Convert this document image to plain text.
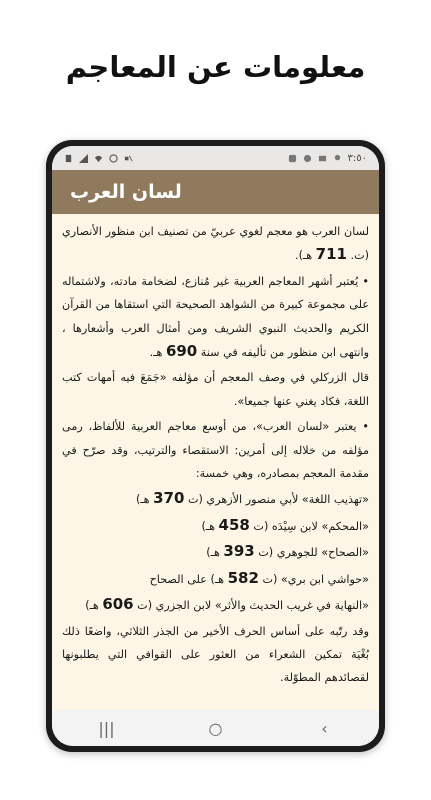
معلومات عن المعاجم
٣:٥٠
لسان العرب

لسان العرب هو معجم لغوي عربيّ من تصنيف ابن منظور الأنصاري (ت. 711 هـ).

• يُعتبر أشهر المعاجم العربية غير مُنازع، لضخامة مادته، ولاشتماله على مجموعة كبيرة من الشواهد الصحيحة التي استقاها من القرآن الكريم والحديث النبوي الشريف ومن أمثال العرب وأشعارها ، وانتهى ابن منظور من تأليفه في سنة 690 هـ.

قال الزركلي في وصف المعجم أن مؤلفه «جَمَعَ فيه أمهات كتب اللغة، فكاد يغني عنها جميعا».

• يعتبر «لسان العرب»، من أوسع معاجم العربية للألفاظ، رمى مؤلفه من خلاله إلى أمرين: الاستقصاء والترتيب، وقد صرّح في مقدمة المعجم بمصادره، وهي خمسة:

«تهذيب اللغة» لأبي منصور الأزهري (ت 370 هـ)

«المحكم» لابن سِيْدَه (ت 458 هـ)

«الصحاح» للجوهري (ت 393 هـ)

«حواشي ابن بري» (ت 582 هـ) على الصحاح

«النهاية في غريب الحديث والأثر» لابن الجزري (ت 606 هـ)

وقد رتّبه على أساس الحرف الأخير من الجذر الثلاثي، واضعًا ذلك بُغْيَة تمكين الشعراء من العثور على القوافي التي يطلبونها لقصائدهم المطوّلة.

|||	○	‹
